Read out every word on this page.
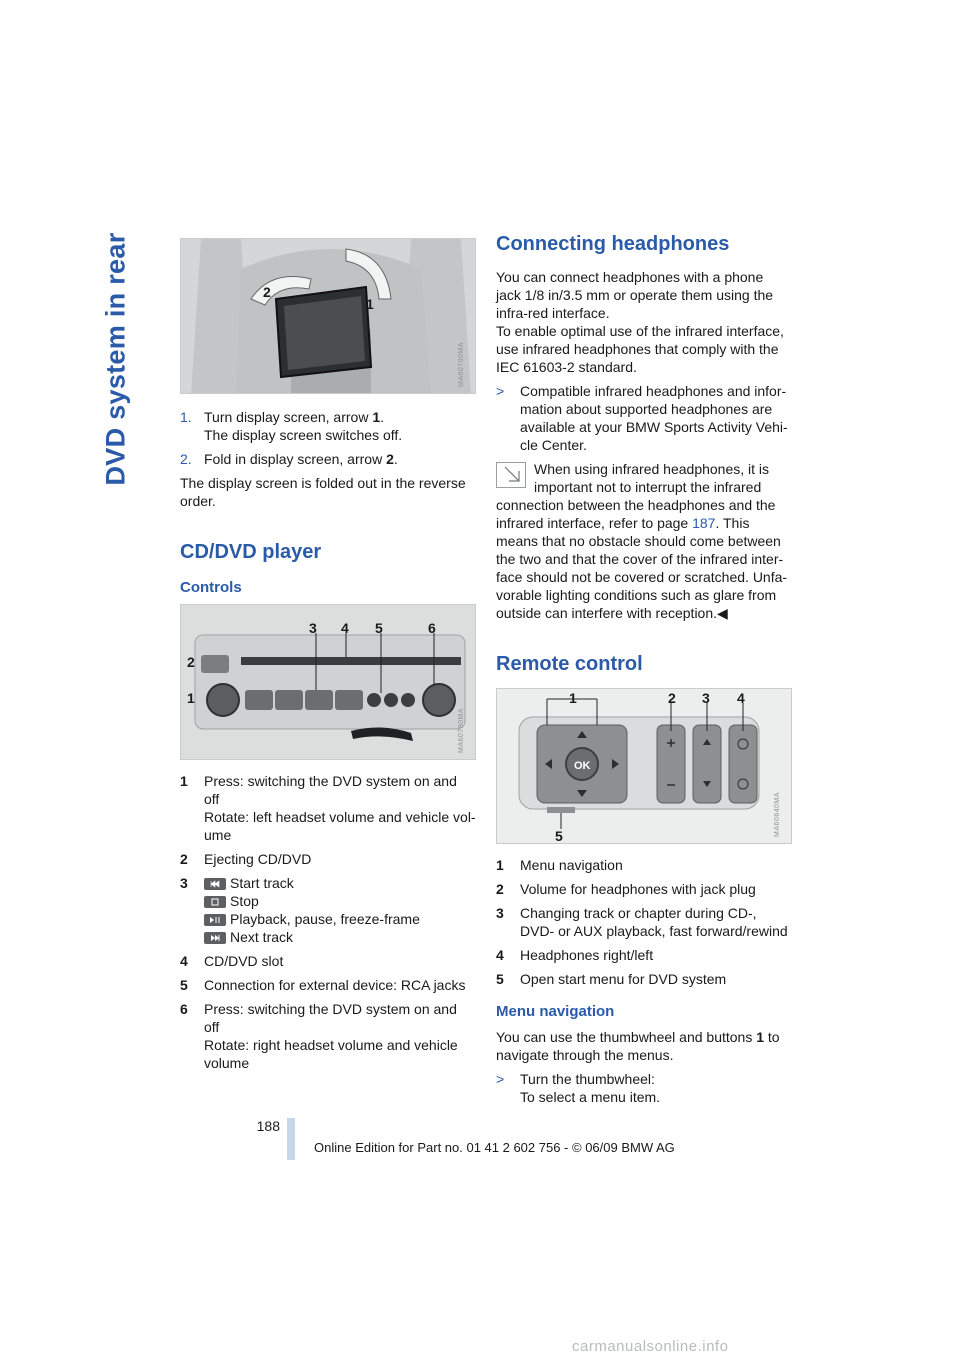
DVD system in rear	2
1
MA60700MA
1. Turn display screen, arrow 1.
The display screen switches off.
2. Fold in display screen, arrow 2.

The display screen is folded out in the reverse order.

CD/DVD player
Controls
2
1
3 4 5	6
MA60790MA
1	Press: switching the DVD system on and off
Rotate: left headset volume and vehicle vol-ume
2	Ejecting CD/DVD
3	Start track

Stop

Playback, pause, freeze-frame

Next track
4	CD/DVD slot
5	Connection for external device: RCA jacks
6	Press: switching the DVD system on and off
Rotate: right headset volume and vehicle volume
Connecting headphones

You can connect headphones with a phone jack 1/8 in/3.5 mm or operate them using the infra-red interface.

To enable optimal use of the infrared interface, use infrared headphones that comply with the IEC 61603-2 standard.

>	Compatible infrared headphones and infor-mation about supported headphones are available at your BMW Sports Activity Vehi-cle Center.
When using infrared headphones, it is important not to interrupt the infrared connection between the headphones and the infrared interface, refer to page 187. This means that no obstacle should come between the two and that the cover of the infrared inter-face should not be covered or scratched. Unfa-vorable lighting conditions such as glare from outside can interfere with reception.◀
Remote control
1	2 3 4
5
OK
MA60640MA
1	Menu navigation
2	Volume for headphones with jack plug
3	Changing track or chapter during CD-, DVD- or AUX playback, fast forward/rewind
4	Headphones right/left
5	Open start menu for DVD system
Menu navigation

You can use the thumbwheel and buttons 1 to navigate through the menus.

>	Turn the thumbwheel:
To select a menu item.
188
Online Edition for Part no. 01 41 2 602 756 - © 06/09 BMW AG
carmanualsonline.info
